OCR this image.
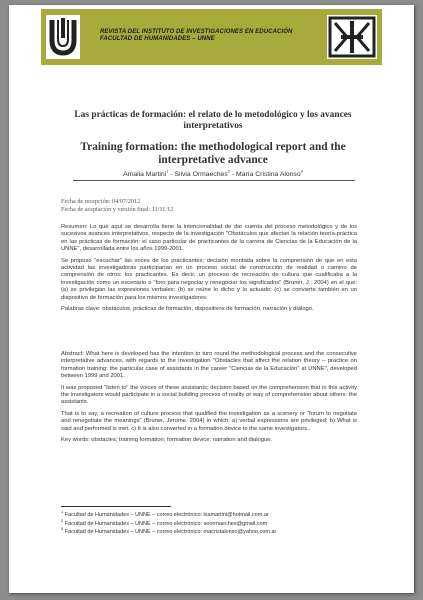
REVISTA DEL INSTITUTO DE INVESTIGACIONES EN EDUCACIÓN
FACULTAD DE HUMANIDADES – UNNE
Las prácticas de formación: el relato de lo metodológico y los avances interpretativos
Training formation: the methodological report and the interpretative advance
Amalia Martini$^1$ - Silvia Ormaeches$^2$ - María Cristina Alonso$^3$
Fecha de recepción: 04/07/2012
Fecha de aceptación y versión final: 11/11/12

Resumen: Lo que aquí se desarrolla tiene la intencionalidad de dar cuenta del proceso metodológico y de los sucesivos avances interpretativos, respecto de la investigación "Obstáculos que afectan la relación teoría-práctica en las prácticas de formación: el caso particular de practicantes de la carrera de Ciencias de la Educación de la UNNE", desarrollada entre los años 1999-2001.

Se propuso "escuchar" las voces de los practicantes; decisión montada sobre la comprensión de que en esta actividad las investigadoras participarían en un proceso social de construcción de realidad o camino de comprensión de otros: los practicantes. Es decir, un proceso de recreación de cultura que cualificaba a la investigación como un escenario o "foro para negociar y renegociar los significados" (Bruner, J.; 2004) en el que: (a) se privilegian las expresiones verbales; (b) se reúne lo dicho y lo actuado; (c) se convierte también en un dispositivo de formación para los mismos investigadores.

Palabras clave: obstáculos, prácticas de formación, dispositivos de formación, narración y diálogo.

Abstract: What here is developed has the intention to turn round the methodological process and the consecutive interpretative advances, with regards to the investigation "Obstacles that affect the relation theory – practice on formation training: the particular case of assistants in the career "Ciencias de la Educación" at UNNE", developed between 1999 and 2001.

It was proposed "listen to" the voices of these assistants; decision based on the comprehension that in this activity the investigators would participate in a social building process of reality or way of comprehension about others: the assistants.

That is to say, a recreation of culture process that qualified the investigation as a scenery or "forum to negotiate and renegotiate the meanings" (Bruner, Jerome. 2004) in which: a) verbal expressions are privileged; b) What is said and performed is met. c) It is also converted in a formation device to the same investigators..

Key words: obstacles; training formation; formation device; narration and dialogue.

$^1$ Facultad de Humanidades – UNNE – correo electrónico: lsamartini@hotmail.com.ar
$^2$ Facultad de Humanidades – UNNE – correo electrónico: seormaeches@gmail.com
$^3$ Facultad de Humanidades – UNNE – correo electrónico: macristalonso@yahoo.com.ar
